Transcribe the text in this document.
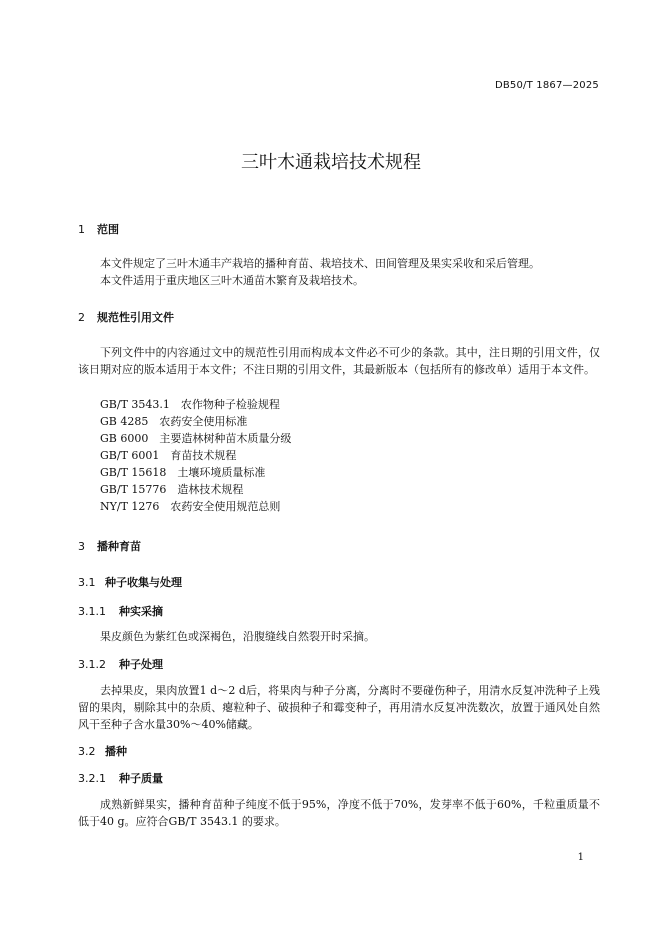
DB50/T 1867—2025
三叶木通栽培技术规程
1 范围
本文件规定了三叶木通丰产栽培的播种育苗、栽培技术、田间管理及果实采收和采后管理。
本文件适用于重庆地区三叶木通苗木繁育及栽培技术。
2 规范性引用文件
下列文件中的内容通过文中的规范性引用而构成本文件必不可少的条款。其中，注日期的引用文件，仅该日期对应的版本适用于本文件；不注日期的引用文件，其最新版本（包括所有的修改单）适用于本文件。
GB/T 3543.1　 农作物种子检验规程
GB 4285　 农药安全使用标准
GB 6000　 主要造林树种苗木质量分级
GB/T 6001　 育苗技术规程
GB/T 15618　 土壤环境质量标准
GB/T 15776　 造林技术规程
NY/T 1276　 农药安全使用规范总则
3 播种育苗
3.1 种子收集与处理
3.1.1 种实采摘
果皮颜色为紫红色或深褐色，沿腹缝线自然裂开时采摘。
3.1.2 种子处理
去掉果皮，果肉放置1 d～2 d后，将果肉与种子分离，分离时不要碰伤种子，用清水反复冲洗种子上残留的果肉，剔除其中的杂质、瘪粒种子、破损种子和霉变种子，再用清水反复冲洗数次，放置于通风处自然风干至种子含水量30%～40%储藏。
3.2 播种
3.2.1 种子质量
成熟新鲜果实，播种育苗种子纯度不低于95%，净度不低于70%，发芽率不低于60%，千粒重质量不低于40 g。应符合GB/T 3543.1 的要求。
1
